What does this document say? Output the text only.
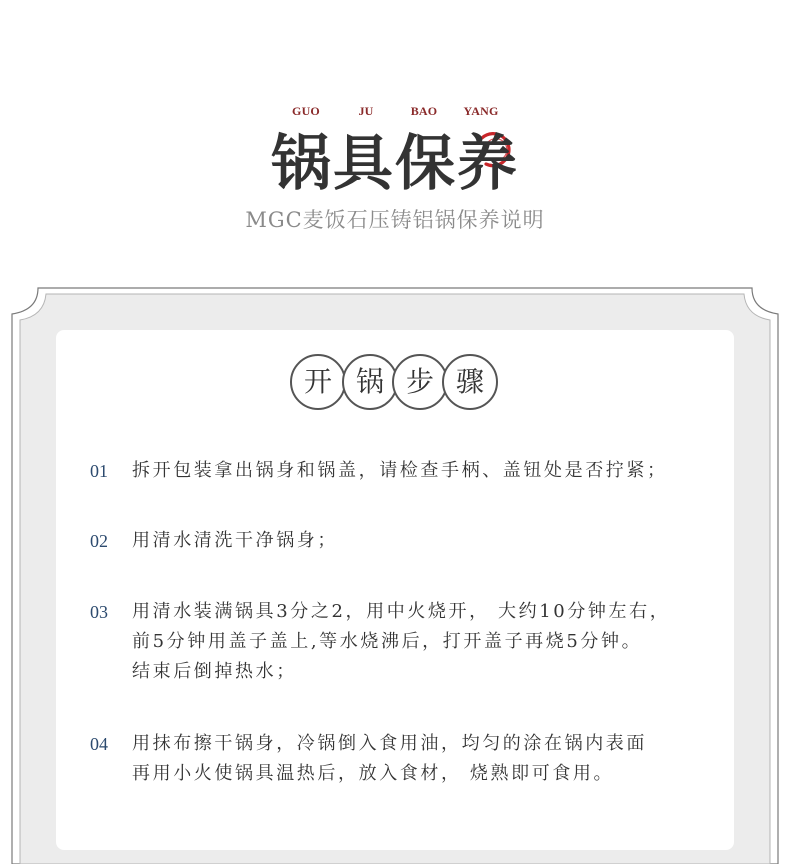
GUO	JU	BAO YANG
锅具保养
MGC麦饭石压铸铝锅保养说明
开 锅 步 骤
01 拆开包装拿出锅身和锅盖，请检查手柄、盖钮处是否拧紧；
02 用清水清洗干净锅身；
03 用清水装满锅具3分之2，用中火烧开， 大约10分钟左右，
前5分钟用盖子盖上,等水烧沸后，打开盖子再烧5分钟。
结束后倒掉热水；
04 用抹布擦干锅身，冷锅倒入食用油，均匀的涂在锅内表面
再用小火使锅具温热后，放入食材， 烧熟即可食用。
